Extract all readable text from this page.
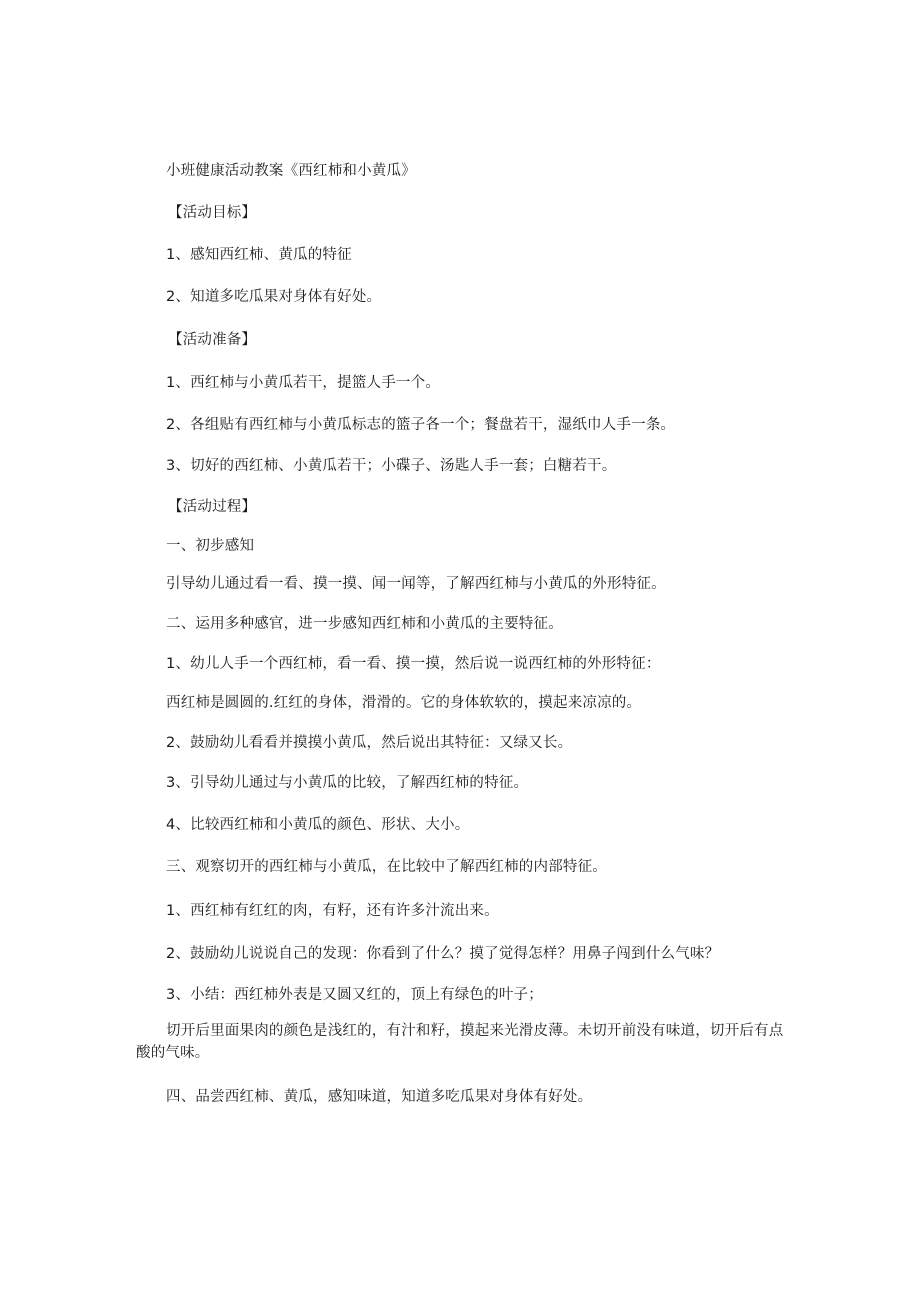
小班健康活动教案《西红柿和小黄瓜》
【活动目标】
1、感知西红柿、黄瓜的特征
2、知道多吃瓜果对身体有好处。
【活动准备】
1、西红柿与小黄瓜若干，提篮人手一个。
2、各组贴有西红柿与小黄瓜标志的篮子各一个；餐盘若干，湿纸巾人手一条。
3、切好的西红柿、小黄瓜若干；小碟子、汤匙人手一套；白糖若干。
【活动过程】
一、初步感知
引导幼儿通过看一看、摸一摸、闻一闻等，了解西红柿与小黄瓜的外形特征。
二、运用多种感官，进一步感知西红柿和小黄瓜的主要特征。
1、幼儿人手一个西红柿，看一看、摸一摸，然后说一说西红柿的外形特征：
西红柿是圆圆的.红红的身体，滑滑的。它的身体软软的，摸起来凉凉的。
2、鼓励幼儿看看并摸摸小黄瓜，然后说出其特征：又绿又长。
3、引导幼儿通过与小黄瓜的比较，了解西红柿的特征。
4、比较西红柿和小黄瓜的颜色、形状、大小。
三、观察切开的西红柿与小黄瓜，在比较中了解西红柿的内部特征。
1、西红柿有红红的肉，有籽，还有许多汁流出来。
2、鼓励幼儿说说自己的发现：你看到了什么？摸了觉得怎样？用鼻子闯到什么气味？
3、小结：西红柿外表是又圆又红的，顶上有绿色的叶子；
切开后里面果肉的颜色是浅红的，有汁和籽，摸起来光滑皮薄。未切开前没有味道，切开后有点酸的气味。
四、品尝西红柿、黄瓜，感知味道，知道多吃瓜果对身体有好处。
